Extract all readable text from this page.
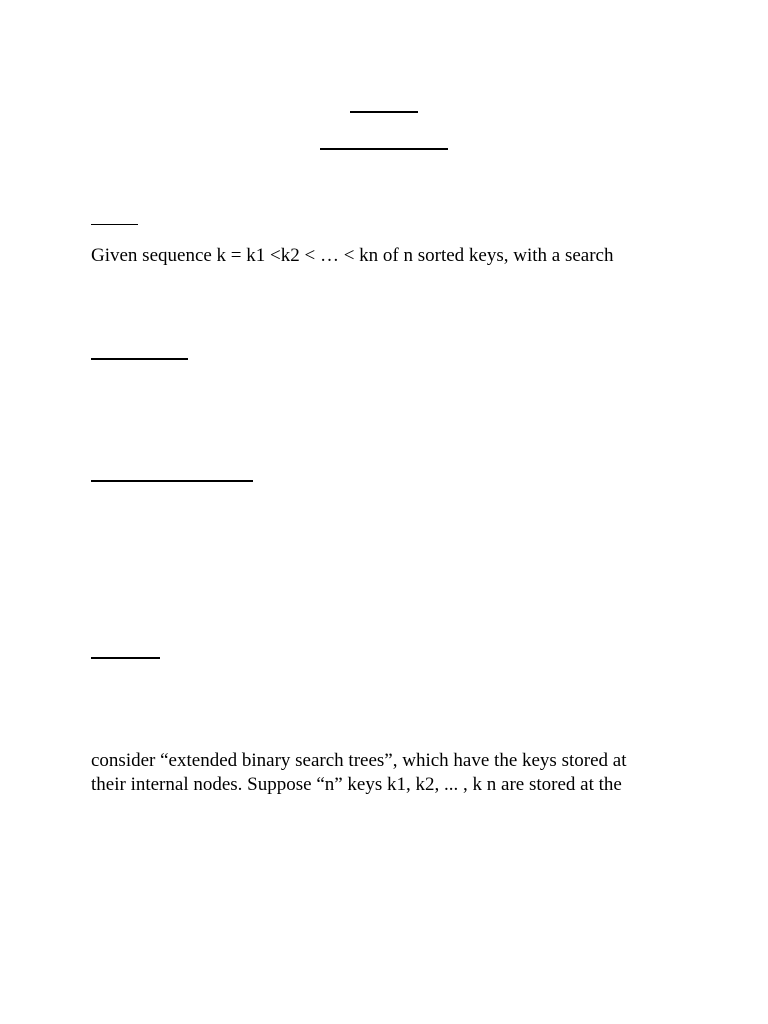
Given sequence k = k1 <k2 < … < kn of n sorted keys, with a search

consider “extended binary search trees”, which have the keys stored at
their internal nodes. Suppose “n” keys k1, k2, ... , k n are stored at the
